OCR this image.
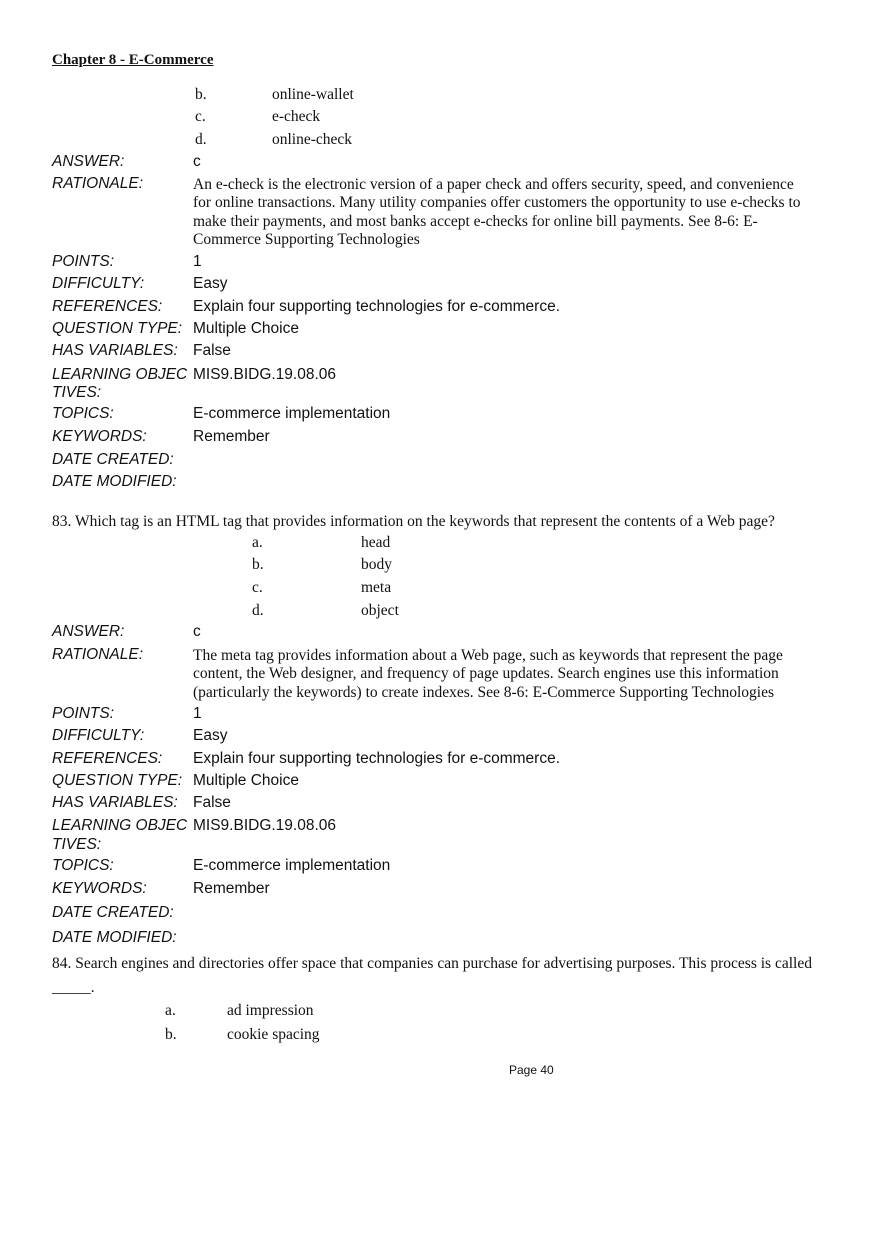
Chapter 8 - E-Commerce
b.	online-wallet
c.	e-check
d.	online-check
ANSWER:	c
RATIONALE:	An e-check is the electronic version of a paper check and offers security, speed, and convenience
for online transactions. Many utility companies offer customers the opportunity to use e-checks to
make their payments, and most banks accept e-checks for online bill payments. See 8-6: E-
Commerce Supporting Technologies
POINTS:	1
DIFFICULTY:	Easy
REFERENCES: Explain four supporting technologies for e-commerce.
QUESTION TYPE: Multiple Choice
HAS VARIABLES: False
LEARNING OBJEC
TIVES:
MIS9.BIDG.19.08.06
TOPICS:	E-commerce implementation
KEYWORDS:	Remember
DATE CREATED:
DATE MODIFIED:
83. Which tag is an HTML tag that provides information on the keywords that represent the contents of a Web page?
a.	head
b.	body
c.	meta
d.	object
ANSWER:	c
RATIONALE:	The meta tag provides information about a Web page, such as keywords that represent the page
content, the Web designer, and frequency of page updates. Search engines use this information
(particularly the keywords) to create indexes. See 8-6: E-Commerce Supporting Technologies
POINTS:	1
DIFFICULTY:	Easy
REFERENCES: Explain four supporting technologies for e-commerce.
QUESTION TYPE: Multiple Choice
HAS VARIABLES: False
LEARNING OBJEC
TIVES:
MIS9.BIDG.19.08.06
TOPICS:	E-commerce implementation
KEYWORDS:	Remember
DATE CREATED:
DATE MODIFIED:
84. Search engines and directories offer space that companies can purchase for advertising purposes. This process is called
_____.
a.	ad impression
b.	cookie spacing
Page 40
